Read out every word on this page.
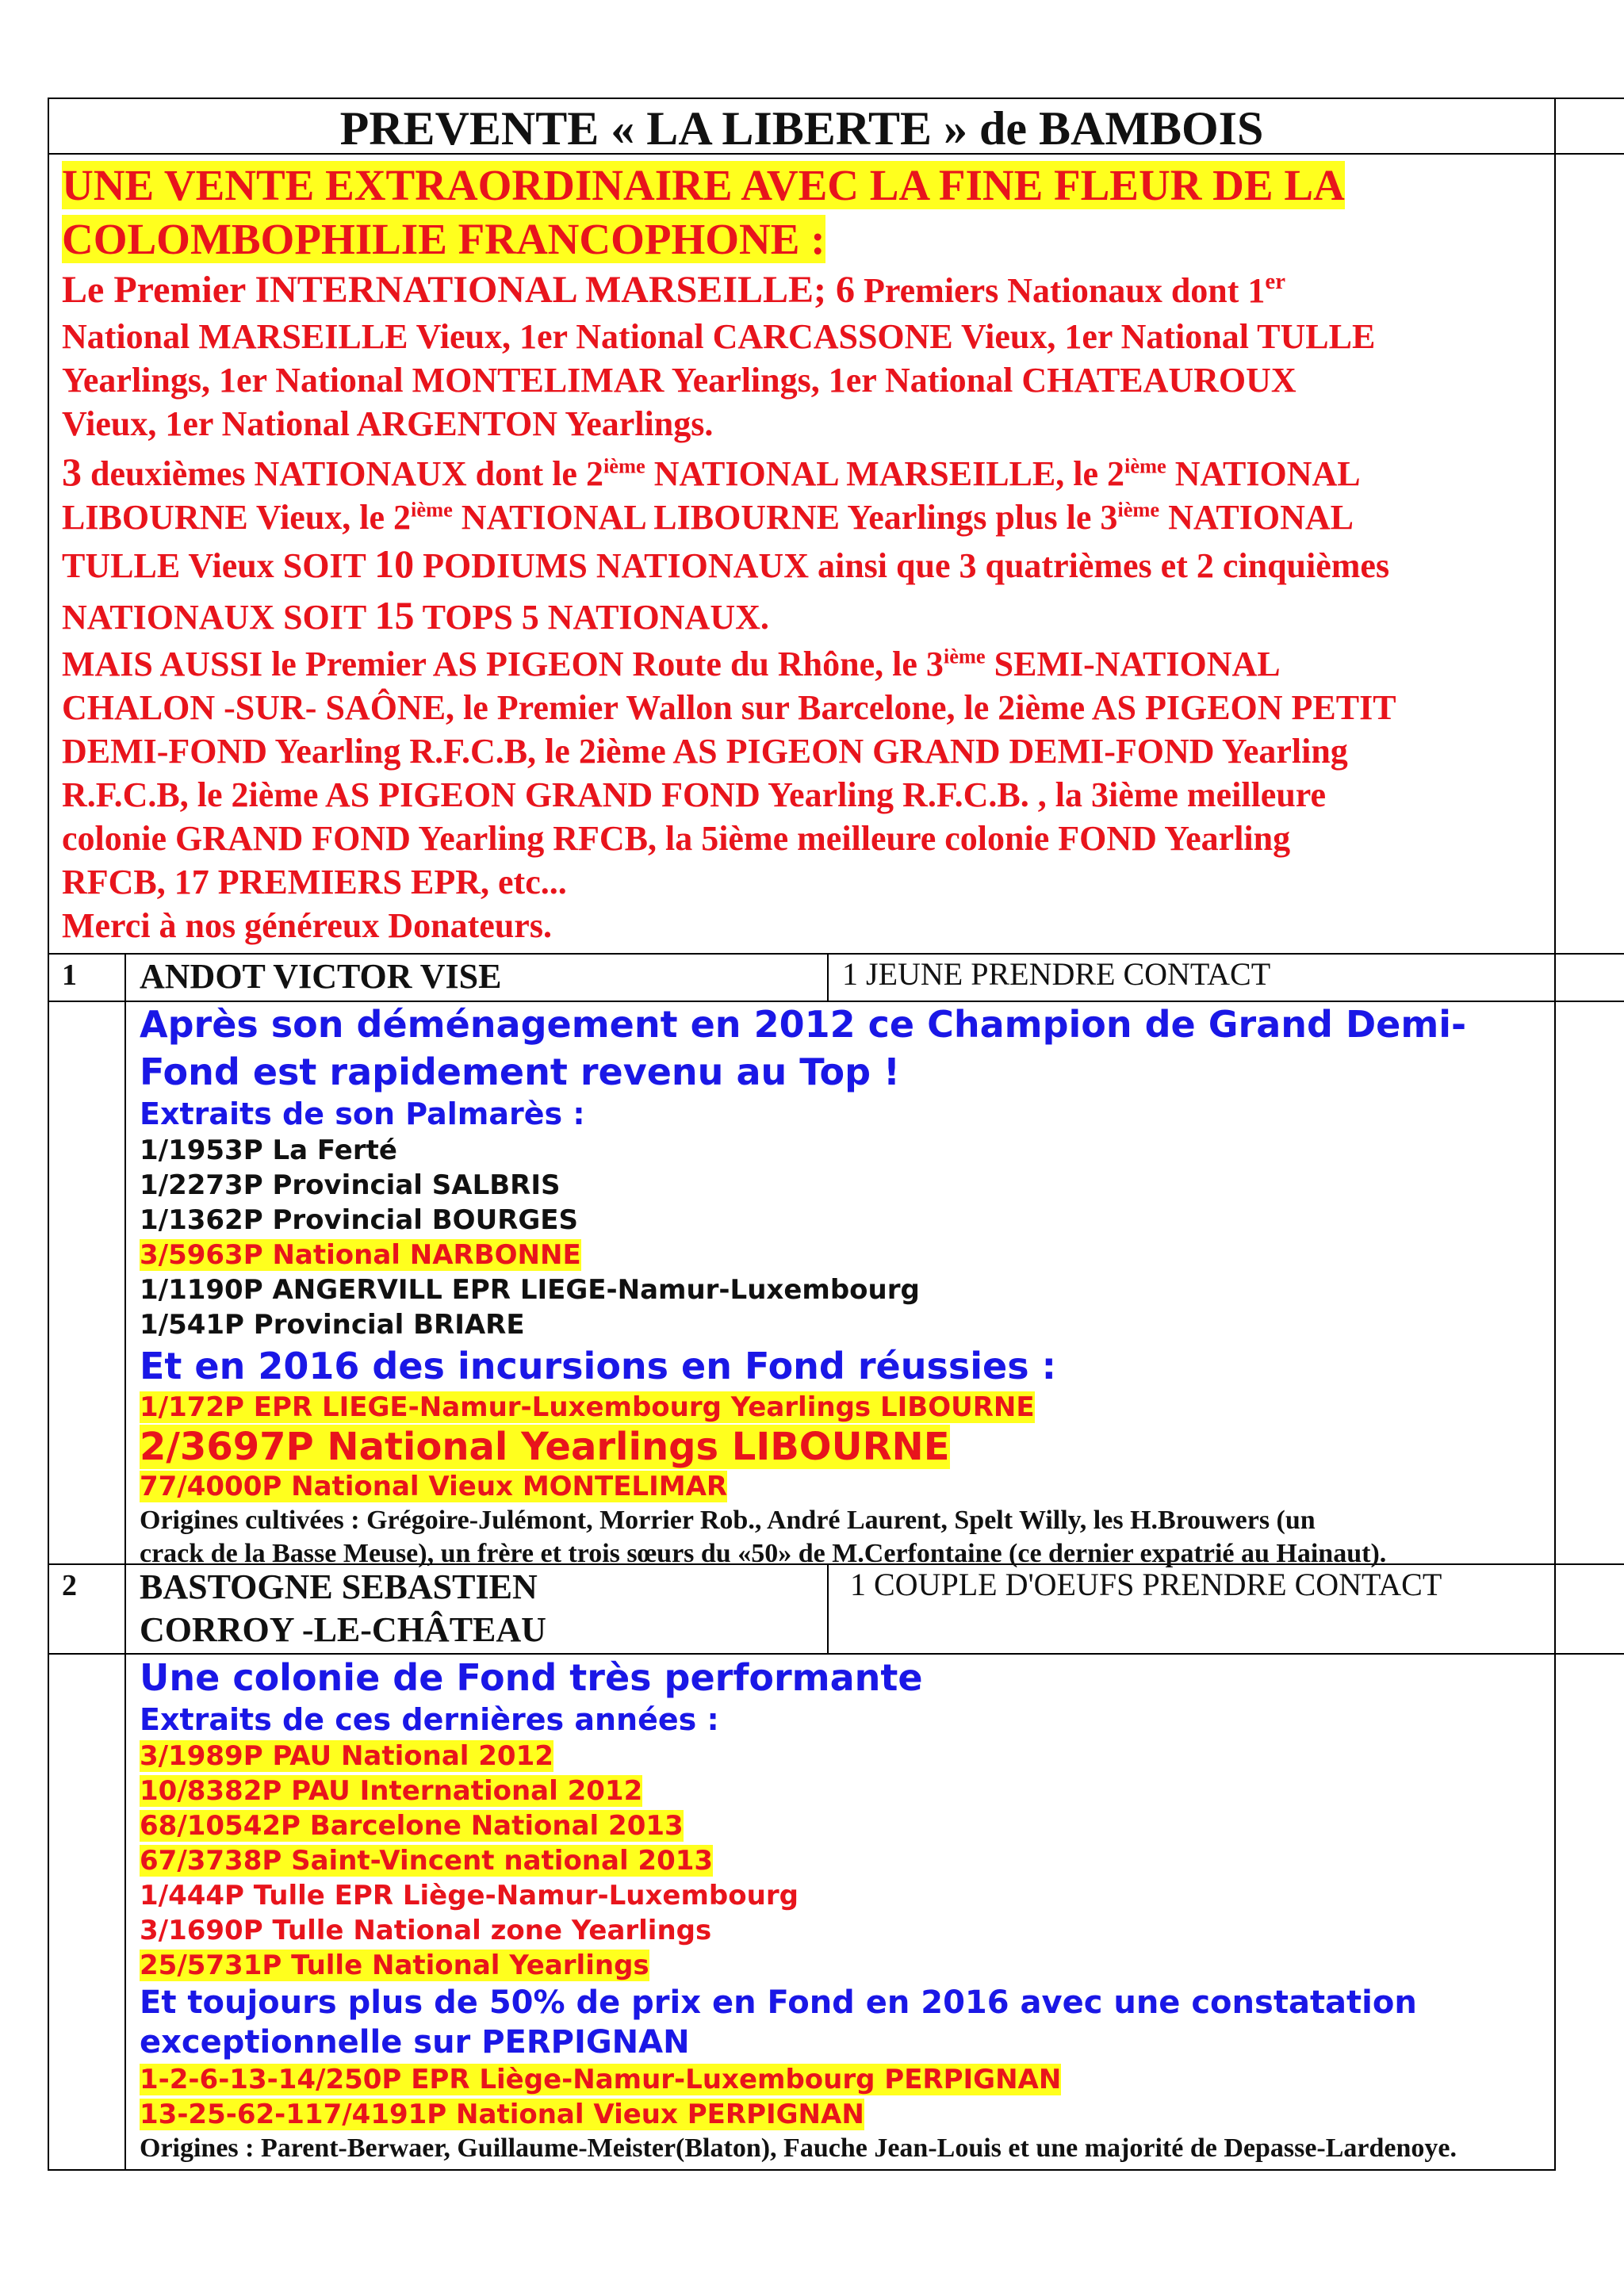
PREVENTE « LA LIBERTE » de BAMBOIS
UNE VENTE EXTRAORDINAIRE AVEC LA FINE FLEUR DE LA
COLOMBOPHILIE FRANCOPHONE :
Le Premier INTERNATIONAL MARSEILLE; 6 Premiers Nationaux dont 1er
National MARSEILLE Vieux, 1er National CARCASSONE Vieux, 1er National TULLE
Yearlings, 1er National MONTELIMAR Yearlings, 1er National CHATEAUROUX
Vieux, 1er National ARGENTON Yearlings.
3 deuxièmes NATIONAUX dont le 2ième NATIONAL MARSEILLE, le 2ième NATIONAL
LIBOURNE Vieux, le 2ième NATIONAL LIBOURNE Yearlings plus le 3ième NATIONAL
TULLE Vieux SOIT 10 PODIUMS NATIONAUX ainsi que 3 quatrièmes et 2 cinquièmes
NATIONAUX SOIT 15 TOPS 5 NATIONAUX.
MAIS AUSSI le Premier AS PIGEON Route du Rhône, le 3ième SEMI-NATIONAL
CHALON -SUR- SAÔNE, le Premier Wallon sur Barcelone, le 2ième AS PIGEON PETIT
DEMI-FOND Yearling R.F.C.B, le 2ième AS PIGEON GRAND DEMI-FOND Yearling
R.F.C.B, le 2ième AS PIGEON GRAND FOND Yearling R.F.C.B. , la 3ième meilleure
colonie GRAND FOND Yearling RFCB, la 5ième meilleure colonie FOND Yearling
RFCB, 17 PREMIERS EPR, etc...
Merci à nos généreux Donateurs.
1 ANDOT VICTOR VISE	1 JEUNE PRENDRE CONTACT
Après son déménagement en 2012 ce Champion de Grand Demi-
Fond est rapidement revenu au Top !
Extraits de son Palmarès :
1/1953P La Ferté
1/2273P Provincial SALBRIS
1/1362P Provincial BOURGES
3/5963P National NARBONNE
1/1190P ANGERVILL EPR LIEGE-Namur-Luxembourg
1/541P Provincial BRIARE
Et en 2016 des incursions en Fond réussies :
1/172P EPR LIEGE-Namur-Luxembourg Yearlings LIBOURNE
2/3697P National Yearlings LIBOURNE
77/4000P National Vieux MONTELIMAR
Origines cultivées : Grégoire-Julémont, Morrier Rob., André Laurent, Spelt Willy, les H.Brouwers (un
crack de la Basse Meuse), un frère et trois sœurs du «50» de M.Cerfontaine (ce dernier expatrié au Hainaut).
2 BASTOGNE SEBASTIEN
CORROY -LE-CHÂTEAU
1 COUPLE D'OEUFS PRENDRE CONTACT
Une colonie de Fond très performante
Extraits de ces dernières années :
3/1989P PAU National 2012
10/8382P PAU International 2012
68/10542P Barcelone National 2013
67/3738P Saint-Vincent national 2013
1/444P Tulle EPR Liège-Namur-Luxembourg
3/1690P Tulle National zone Yearlings
25/5731P Tulle National Yearlings
Et toujours plus de 50% de prix en Fond en 2016 avec une constatation
exceptionnelle sur PERPIGNAN
1-2-6-13-14/250P EPR Liège-Namur-Luxembourg PERPIGNAN
13-25-62-117/4191P National Vieux PERPIGNAN
Origines : Parent-Berwaer, Guillaume-Meister(Blaton), Fauche Jean-Louis et une majorité de Depasse-Lardenoye.
